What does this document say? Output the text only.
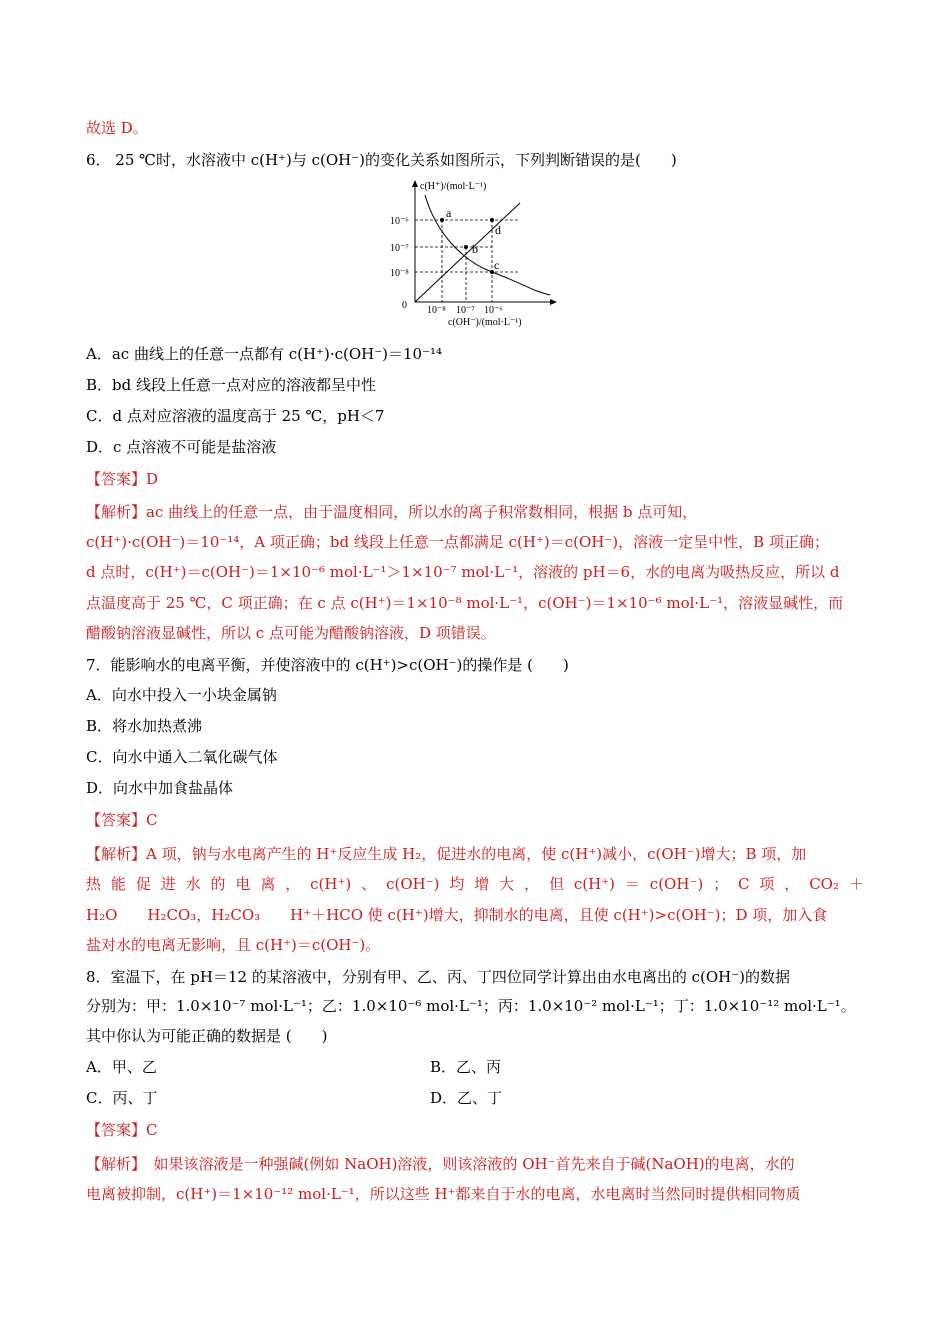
故选 D。
6． 25 ℃时，水溶液中 c(H⁺)与 c(OH⁻)的变化关系如图所示，下列判断错误的是(　　)
a
b
c
d
c(H⁺)/(mol·L⁻¹)
c(OH⁻)/(mol·L⁻¹)
0
10⁻⁶
10⁻⁷
10⁻⁸
10⁻⁸ 10⁻⁷ 10⁻⁶
A．ac 曲线上的任意一点都有 c(H⁺)·c(OH⁻)＝10⁻¹⁴
B．bd 线段上任意一点对应的溶液都呈中性
C．d 点对应溶液的温度高于 25 ℃，pH＜7
D．c 点溶液不可能是盐溶液
【答案】D
【解析】ac 曲线上的任意一点，由于温度相同，所以水的离子积常数相同，根据 b 点可知，
c(H⁺)·c(OH⁻)＝10⁻¹⁴，A 项正确；bd 线段上任意一点都满足 c(H⁺)＝c(OH⁻)，溶液一定呈中性，B 项正确；
d 点时，c(H⁺)＝c(OH⁻)＝1×10⁻⁶ mol·L⁻¹＞1×10⁻⁷ mol·L⁻¹，溶液的 pH＝6，水的电离为吸热反应，所以 d
点温度高于 25 ℃，C 项正确；在 c 点 c(H⁺)＝1×10⁻⁸ mol·L⁻¹，c(OH⁻)＝1×10⁻⁶ mol·L⁻¹，溶液显碱性，而
醋酸钠溶液显碱性，所以 c 点可能为醋酸钠溶液，D 项错误。
7．能影响水的电离平衡，并使溶液中的 c(H⁺)>c(OH⁻)的操作是 (　　)
A．向水中投入一小块金属钠
B．将水加热煮沸
C．向水中通入二氧化碳气体
D．向水中加食盐晶体
【答案】C
【解析】A 项，钠与水电离产生的 H⁺反应生成 H₂，促进水的电离，使 c(H⁺)减小，c(OH⁻)增大；B 项，加
热 能 促 进 水 的 电 离 ， c(H⁺) 、 c(OH⁻) 均 增 大 ， 但 c(H⁺) ＝ c(OH⁻) ； C 项 ， CO₂ ＋
H₂O　　H₂CO₃，H₂CO₃　　H⁺＋HCO 使 c(H⁺)增大，抑制水的电离，且使 c(H⁺)>c(OH⁻)；D 项，加入食
盐对水的电离无影响，且 c(H⁺)＝c(OH⁻)。
8．室温下，在 pH＝12 的某溶液中，分别有甲、乙、丙、丁四位同学计算出由水电离出的 c(OH⁻)的数据
分别为：甲：1.0×10⁻⁷ mol·L⁻¹；乙：1.0×10⁻⁶ mol·L⁻¹；丙：1.0×10⁻² mol·L⁻¹；丁：1.0×10⁻¹² mol·L⁻¹。
其中你认为可能正确的数据是 (　　)
A．甲、乙	B．乙、丙
C．丙、丁	D．乙、丁
【答案】C
【解析】　如果该溶液是一种强碱(例如 NaOH)溶液，则该溶液的 OH⁻首先来自于碱(NaOH)的电离，水的
电离被抑制，c(H⁺)＝1×10⁻¹² mol·L⁻¹，所以这些 H⁺都来自于水的电离，水电离时当然同时提供相同物质
